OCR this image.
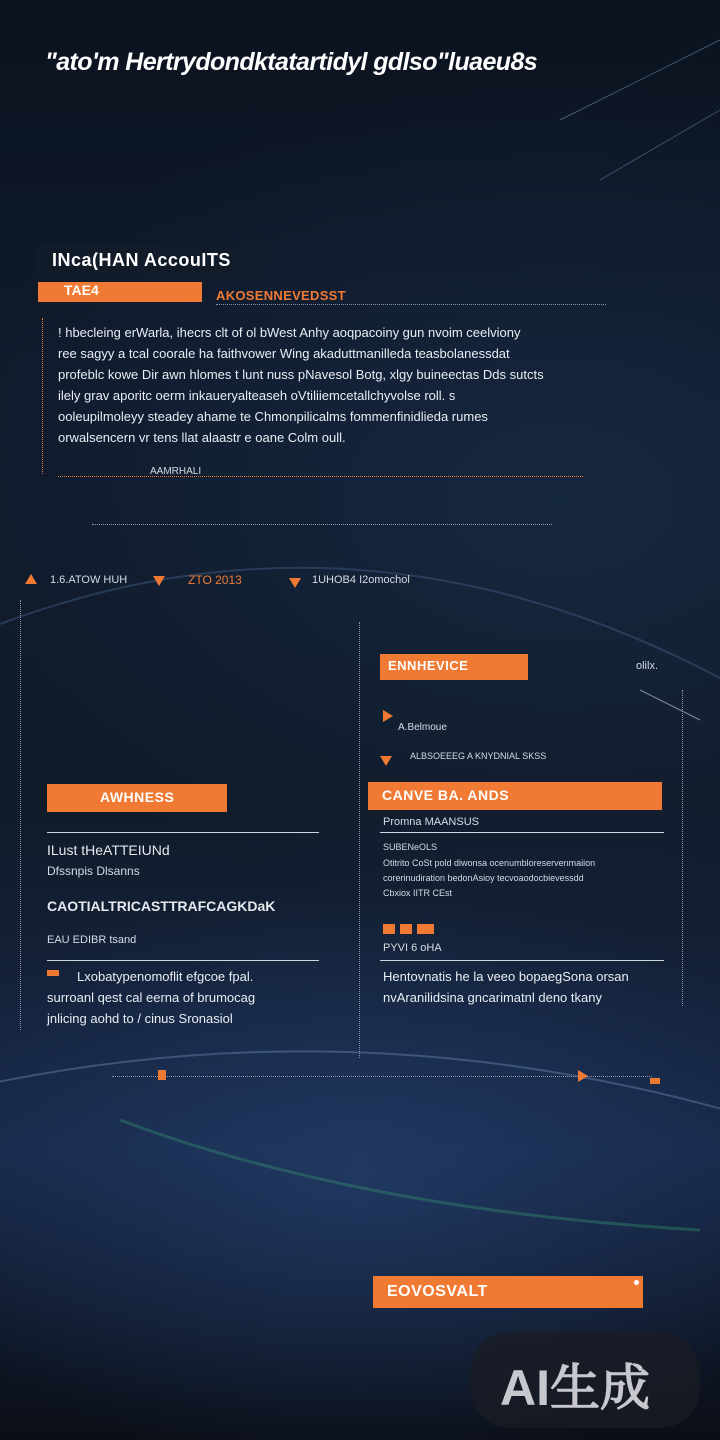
"ato'm Hertrydondktatartidyl gdlso"luaeu8s
INca(HAN AccouITS
TAE4	AKOSENNEVEDSST
! hbecleing erWarla, ihecrs clt of ol bWest Anhy aoqpacoiny gun nvoim ceelviony
ree sagyy a tcal coorale ha faithvower Wing akaduttmanilleda teasbolanessdat
profeblc kowe Dir awn hlomes t lunt nuss pNavesol Botg, xlgy buineectas Dds sutcts
ilely grav aporitc oerm inkaueryalteaseh oVtiliiemcetallchyvolse roll. s
ooleupilmoleyy steadey ahame te Chmonpilicalms fommenfinidlieda rumes
orwalsencern vr tens llat alaastr e oane Colm oull.
AAMRHALI
1.6.ATOW HUH	ZTO 2013	1UHOB4 I2omochol
AWHNESS
ILust tHeATTEIUNd
Dfssnpis Dlsanns
CAOTIALTRICASTTRAFCAGKDaK
EAU EDIBR tsand
Lxobatypenomoflit efgcoe fpal.
surroanl qest cal eerna of brumocag
jnlicing aohd to / cinus Sronasiol
ENNHEVICE	olilx.
A.Belmoue
ALBSOEEEG A KNYDNIAL SKSS
CANVE BA. ANDS
Promna MAANSUS
SUBENeOLS
Otitrito CoSt pold diwonsa ocenumbloreservenmaiion
corerinudiration bedonAsioy tecvoaodocbievessdd
Cbxiox IITR CEst
PYVI 6 oHA
Hentovnatis he la veeo bopaegSona orsan
nvAranilidsina gncarimatnl deno tkany
EOVOSVALT
AI生成
